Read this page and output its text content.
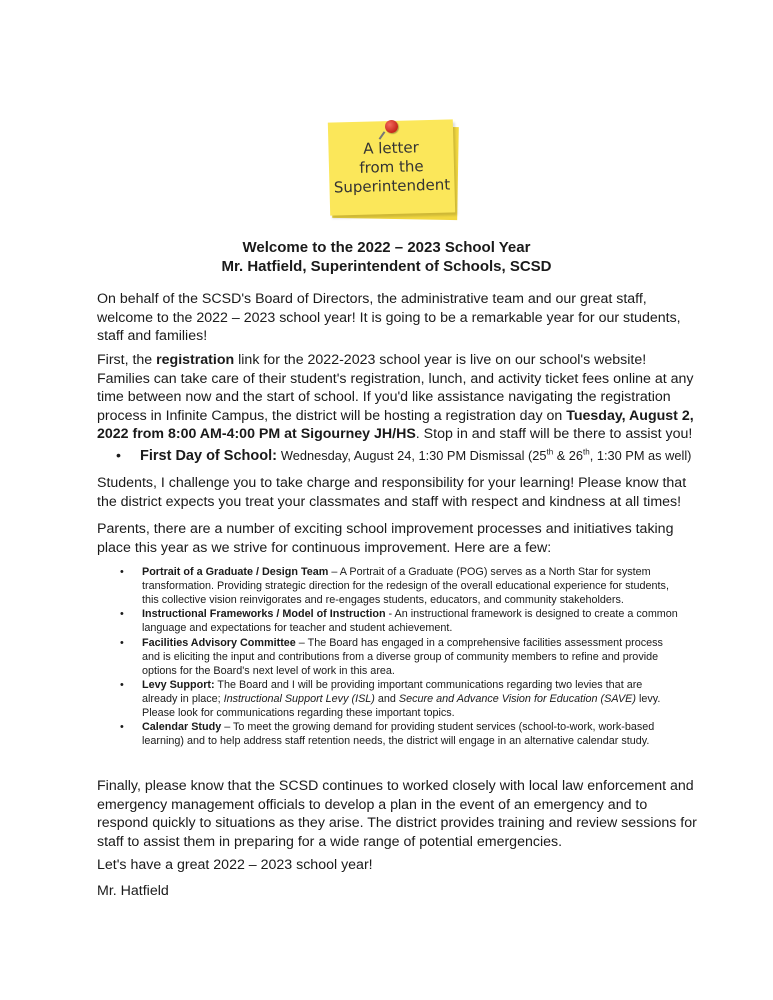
A letter
from the
Superintendent
Welcome to the 2022 – 2023 School Year
Mr. Hatfield, Superintendent of Schools, SCSD

On behalf of the SCSD's Board of Directors, the administrative team and our great staff, welcome to the 2022 – 2023 school year! It is going to be a remarkable year for our students, staff and families!

First, the registration link for the 2022-2023 school year is live on our school's website! Families can take care of their student's registration, lunch, and activity ticket fees online at any time between now and the start of school. If you'd like assistance navigating the registration process in Infinite Campus, the district will be hosting a registration day on Tuesday, August 2, 2022 from 8:00 AM-4:00 PM at Sigourney JH/HS. Stop in and staff will be there to assist you!

• First Day of School: Wednesday, August 24, 1:30 PM Dismissal (25th & 26th, 1:30 PM as well)

Students, I challenge you to take charge and responsibility for your learning! Please know that the district expects you treat your classmates and staff with respect and kindness at all times!

Parents, there are a number of exciting school improvement processes and initiatives taking place this year as we strive for continuous improvement. Here are a few:

• Portrait of a Graduate / Design Team – A Portrait of a Graduate (POG) serves as a North Star for system transformation. Providing strategic direction for the redesign of the overall educational experience for students, this collective vision reinvigorates and re-engages students, educators, and community stakeholders.
• Instructional Frameworks / Model of Instruction - An instructional framework is designed to create a common language and expectations for teacher and student achievement.
• Facilities Advisory Committee – The Board has engaged in a comprehensive facilities assessment process and is eliciting the input and contributions from a diverse group of community members to refine and provide options for the Board's next level of work in this area.
• Levy Support: The Board and I will be providing important communications regarding two levies that are already in place; Instructional Support Levy (ISL) and Secure and Advance Vision for Education (SAVE) levy. Please look for communications regarding these important topics.
• Calendar Study – To meet the growing demand for providing student services (school-to-work, work-based learning) and to help address staff retention needs, the district will engage in an alternative calendar study.

Finally, please know that the SCSD continues to worked closely with local law enforcement and emergency management officials to develop a plan in the event of an emergency and to respond quickly to situations as they arise. The district provides training and review sessions for staff to assist them in preparing for a wide range of potential emergencies.

Let's have a great 2022 – 2023 school year!

Mr. Hatfield
